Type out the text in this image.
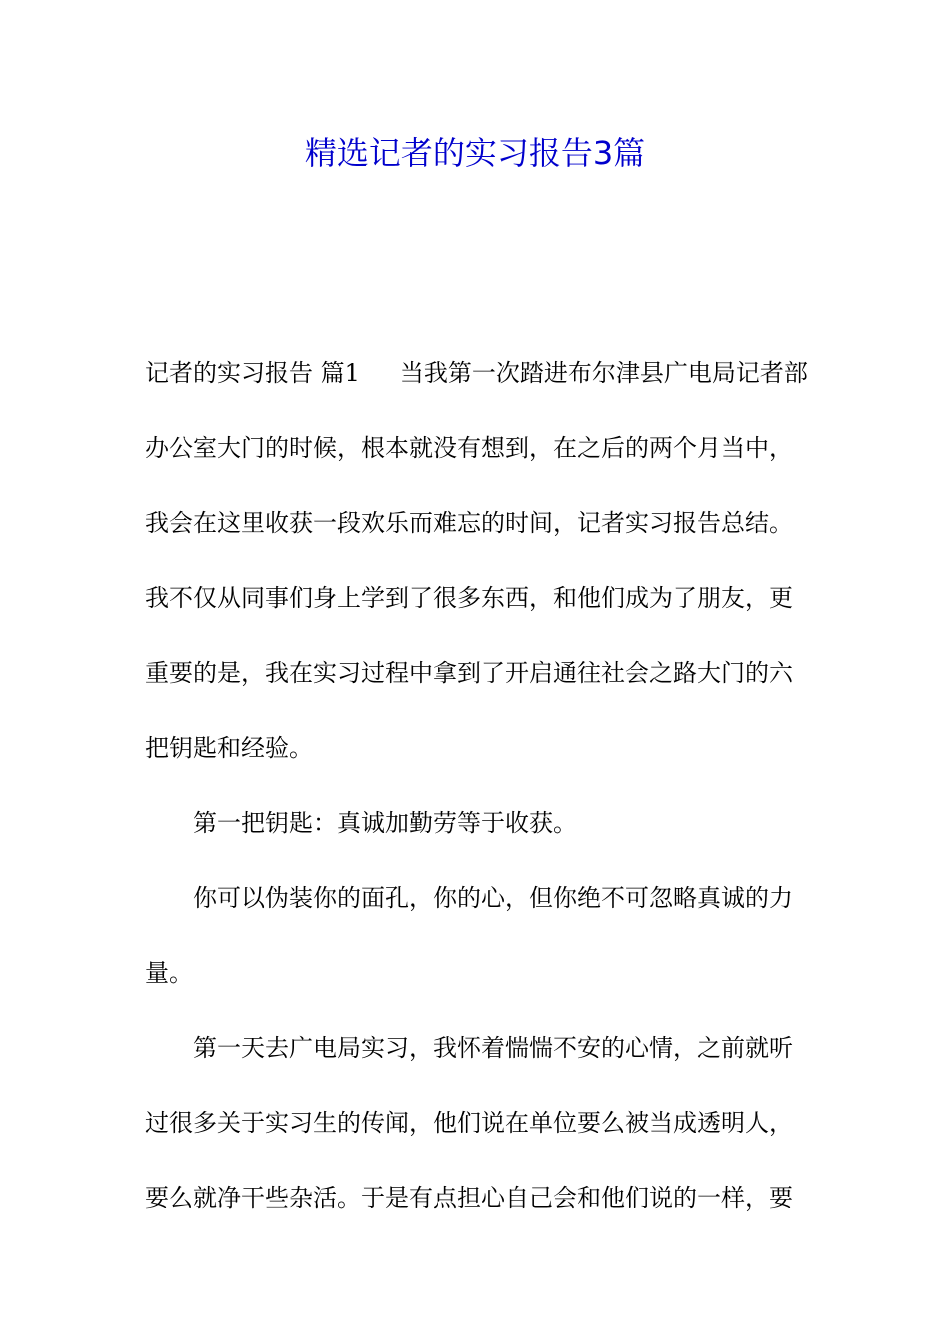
精选记者的实习报告3篇

记者的实习报告 篇1 当我第一次踏进布尔津县广电局记者部办公室大门的时候，根本就没有想到，在之后的两个月当中，我会在这里收获一段欢乐而难忘的时间，记者实习报告总结。我不仅从同事们身上学到了很多东西，和他们成为了朋友，更重要的是，我在实习过程中拿到了开启通往社会之路大门的六把钥匙和经验。

第一把钥匙：真诚加勤劳等于收获。

你可以伪装你的面孔，你的心，但你绝不可忽略真诚的力量。

第一天去广电局实习，我怀着惴惴不安的心情，之前就听过很多关于实习生的传闻，他们说在单位要么被当成透明人，要么就净干些杂活。于是有点担心自己会和他们说的一样，要
